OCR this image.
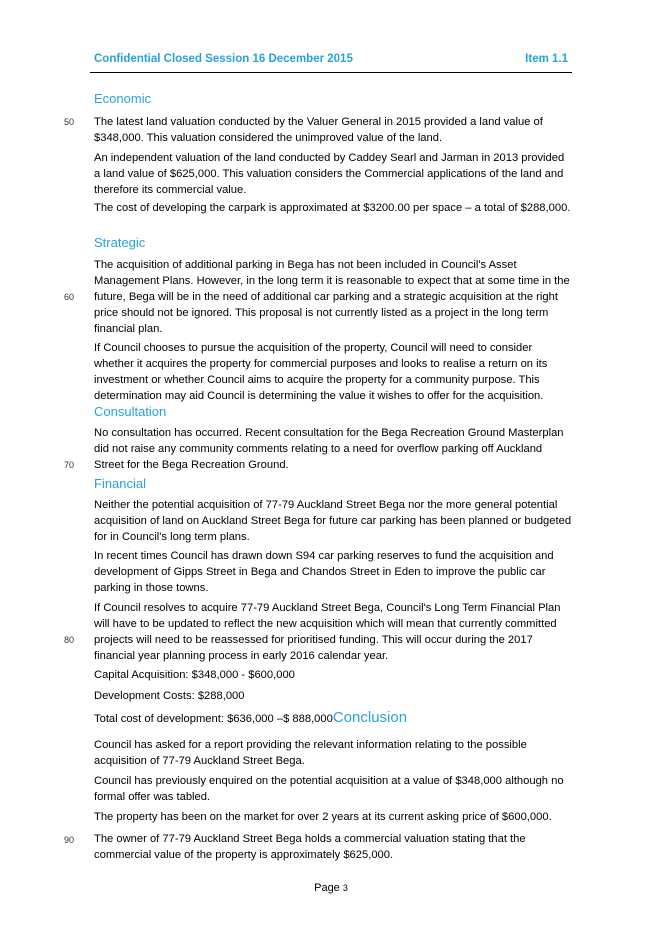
Confidential Closed Session 16 December 2015	Item 1.1
50
60
70
80
90
Economic
The latest land valuation conducted by the Valuer General in 2015 provided a land value of $348,000. This valuation considered the unimproved value of the land.
An independent valuation of the land conducted by Caddey Searl and Jarman in 2013 provided a land value of $625,000. This valuation considers the Commercial applications of the land and therefore its commercial value.
The cost of developing the carpark is approximated at $3200.00 per space – a total of $288,000.
Strategic
The acquisition of additional parking in Bega has not been included in Council's Asset Management Plans. However, in the long term it is reasonable to expect that at some time in the future, Bega will be in the need of additional car parking and a strategic acquisition at the right price should not be ignored. This proposal is not currently listed as a project in the long term financial plan.
If Council chooses to pursue the acquisition of the property, Council will need to consider whether it acquires the property for commercial purposes and looks to realise a return on its investment or whether Council aims to acquire the property for a community purpose. This determination may aid Council is determining the value it wishes to offer for the acquisition.
Consultation
No consultation has occurred. Recent consultation for the Bega Recreation Ground Masterplan did not raise any community comments relating to a need for overflow parking off Auckland Street for the Bega Recreation Ground.
Financial
Neither the potential acquisition of 77-79 Auckland Street Bega nor the more general potential acquisition of land on Auckland Street Bega for future car parking has been planned or budgeted for in Council's long term plans.
In recent times Council has drawn down S94 car parking reserves to fund the acquisition and development of Gipps Street in Bega and Chandos Street in Eden to improve the public car parking in those towns.
If Council resolves to acquire 77-79 Auckland Street Bega, Council's Long Term Financial Plan will have to be updated to reflect the new acquisition which will mean that currently committed projects will need to be reassessed for prioritised funding. This will occur during the 2017 financial year planning process in early 2016 calendar year.
Capital Acquisition: $348,000 - $600,000
Development Costs: $288,000
Total cost of development: $636,000 –$ 888,000Conclusion
Council has asked for a report providing the relevant information relating to the possible acquisition of 77-79 Auckland Street Bega.
Council has previously enquired on the potential acquisition at a value of $348,000 although no formal offer was tabled.
The property has been on the market for over 2 years at its current asking price of $600,000.
The owner of 77-79 Auckland Street Bega holds a commercial valuation stating that the commercial value of the property is approximately $625,000.
Page 3
